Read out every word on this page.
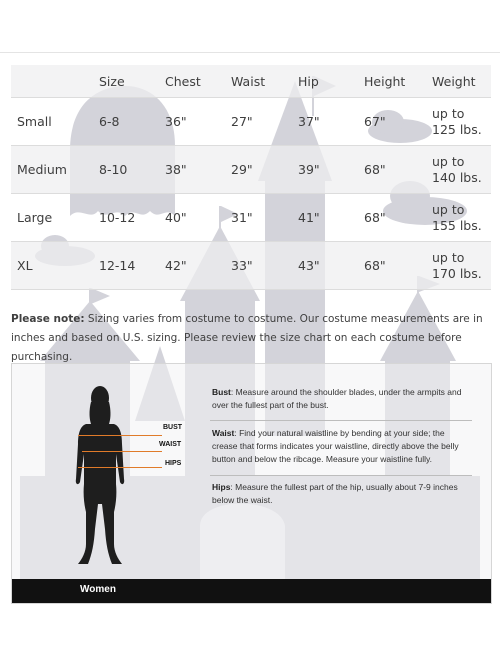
	Size	Chest	Waist	Hip	Height	Weight
Small	6-8	36"	27"	37"	67"	up to 125 lbs.
Medium	8-10	38"	29"	39"	68"	up to 140 lbs.
Large	10-12	40"	31"	41"	68"	up to 155 lbs.
XL	12-14	42"	33"	43"	68"	up to 170 lbs.
Please note: Sizing varies from costume to costume. Our costume measurements are in inches and based on U.S. sizing. Please review the size chart on each costume before purchasing.
BUST
WAIST
HIPS
Bust: Measure around the shoulder blades, under the armpits and over the fullest part of the bust.
Waist: Find your natural waistline by bending at your side; the crease that forms indicates your waistline, directly above the belly button and below the ribcage. Measure your waistline fully.
Hips: Measure the fullest part of the hip, usually about 7-9 inches below the waist.
Women
